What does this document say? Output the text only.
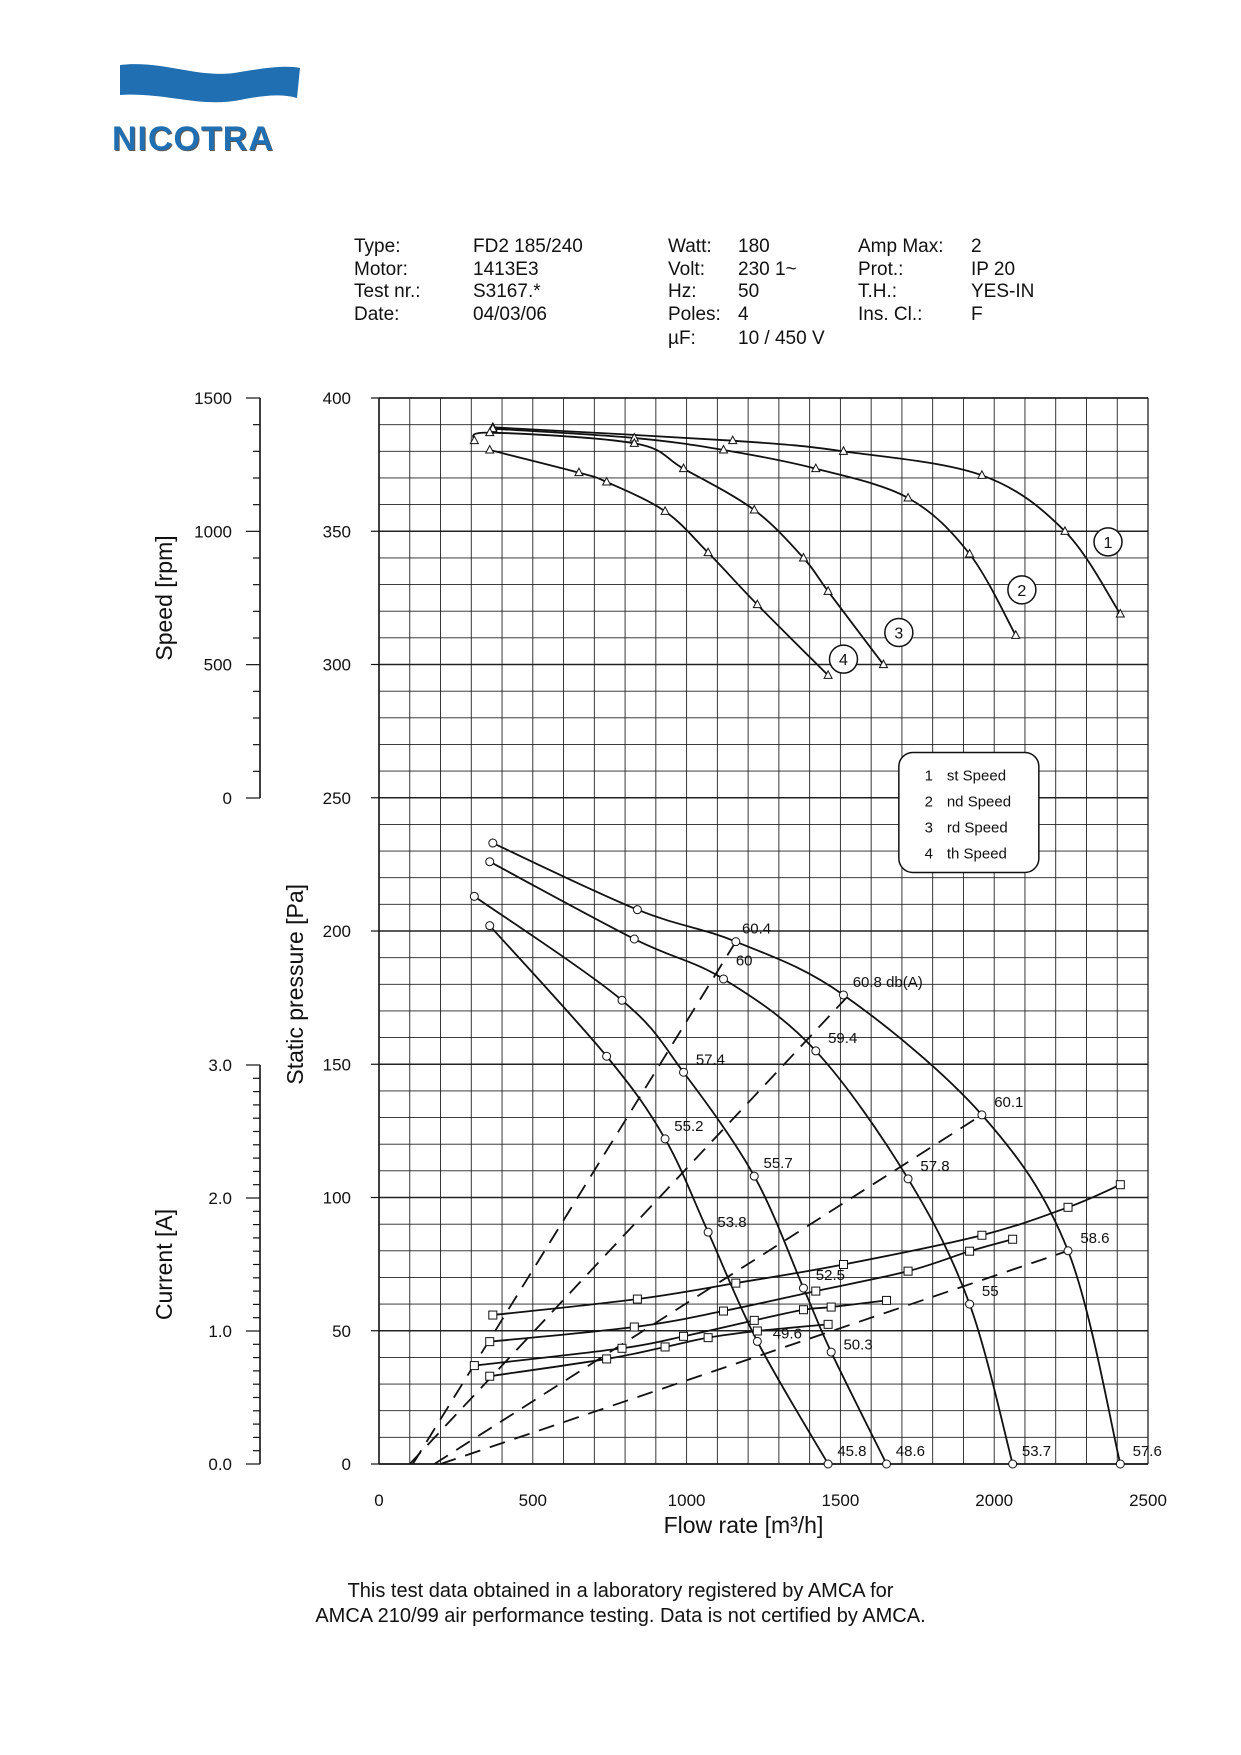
NICOTRA
Type:	FD2 185/240
Motor:	1413E3
Test nr.:	S3167.*
Date:	04/03/06
Watt: 180
Volt: 230 1~
Hz: 50
Poles: 4
µF: 10 / 450 V
Amp Max: 2
Prot.:	IP 20
T.H.:	YES-IN
Ins. Cl.:	F
0
50
100
150
200
250
300
350
400
0	500	1000	1500	2000	2500
0
500
1000
1500
Speed [rpm]
0.0
1.0
2.0
3.0
Current [A]
Static pressure [Pa]
Flow rate [m³/h]
60.4
60
60.8 db(A)
59.4
57.4
60.1
55.2
55.7	57.8
53.8
58.6
52.5
55
49.6
50.3
45.8 48.6	53.7	57.6
1
2
3
4
1 st Speed
2 nd Speed
3 rd Speed
4 th Speed
This test data obtained in a laboratory registered by AMCA for
AMCA 210/99 air performance testing. Data is not certified by AMCA.
